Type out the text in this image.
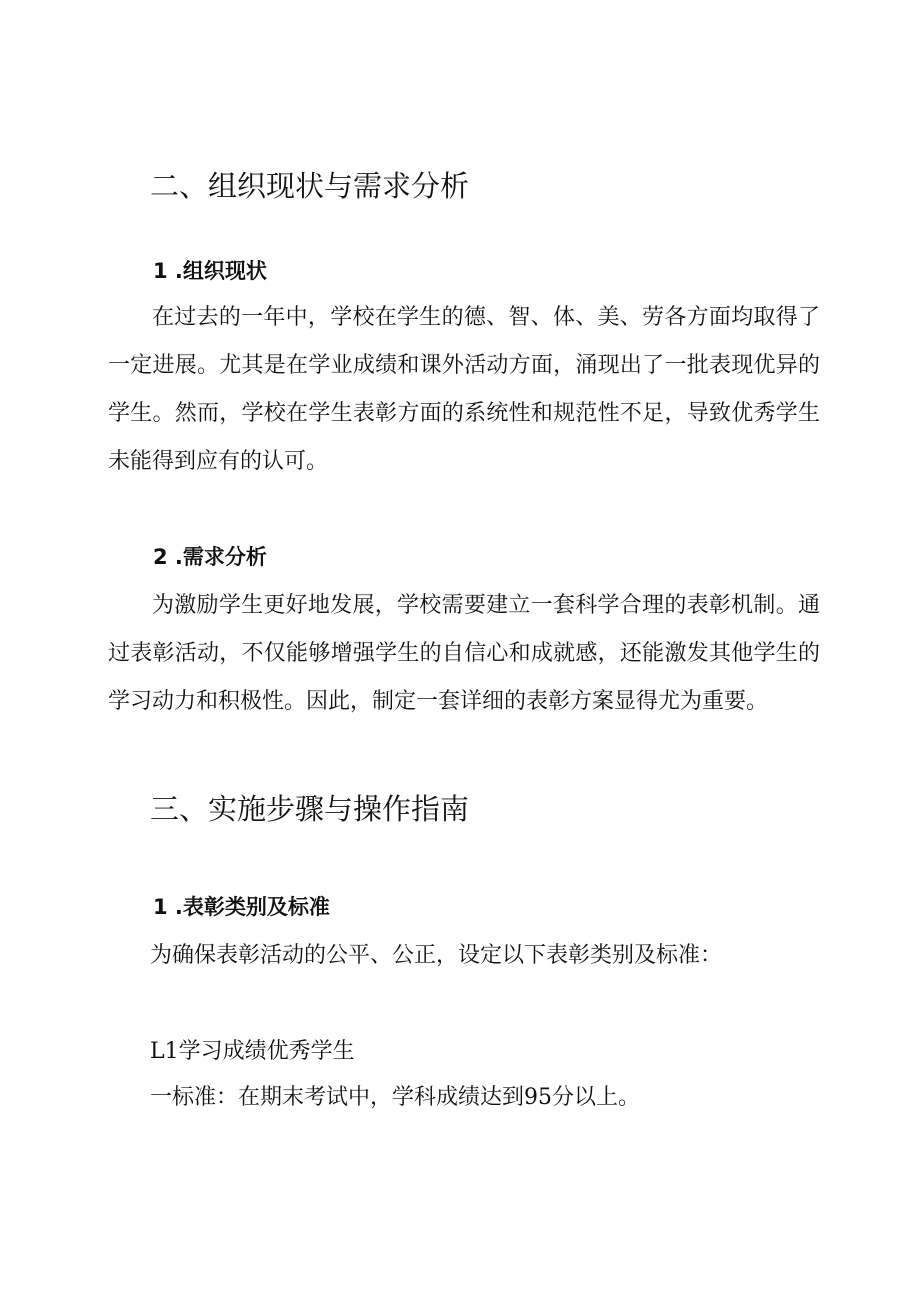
二、组织现状与需求分析
1 .组织现状

在过去的一年中，学校在学生的德、智、体、美、劳各方面均取得了一定进展。尤其是在学业成绩和课外活动方面，涌现出了一批表现优异的学生。然而，学校在学生表彰方面的系统性和规范性不足，导致优秀学生未能得到应有的认可。

2 .需求分析

为激励学生更好地发展，学校需要建立一套科学合理的表彰机制。通过表彰活动，不仅能够增强学生的自信心和成就感，还能激发其他学生的学习动力和积极性。因此，制定一套详细的表彰方案显得尤为重要。

三、实施步骤与操作指南
1 .表彰类别及标准

为确保表彰活动的公平、公正，设定以下表彰类别及标准：

L1学习成绩优秀学生

一标准：在期末考试中，学科成绩达到95分以上。
